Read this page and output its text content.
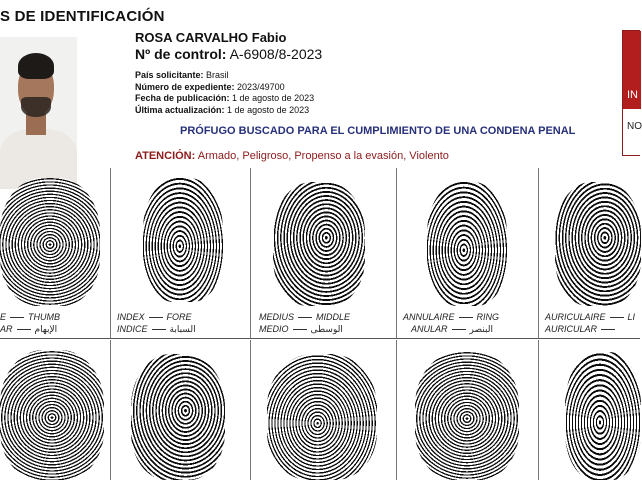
S DE IDENTIFICACIÓN
ROSA CARVALHO Fabio
Nº de control: A-6908/8-2023
País solicitante: Brasil
Número de expediente: 2023/49700
Fecha de publicación: 1 de agosto de 2023
Última actualización: 1 de agosto de 2023
PRÓFUGO BUSCADO PARA EL CUMPLIMIENTO DE UNA CONDENA PENAL
ATENCIÓN: Armado, Peligroso, Propenso a la evasión, Violento
IN
NO
E THUMB
AR الإبهام
INDEX FORE
INDICE السبابة
MEDIUS MIDDLE
MEDIO الوسطى
ANNULAIRE RING
ANULAR البنصر
AURICULAIRE LI
AURICULAR
